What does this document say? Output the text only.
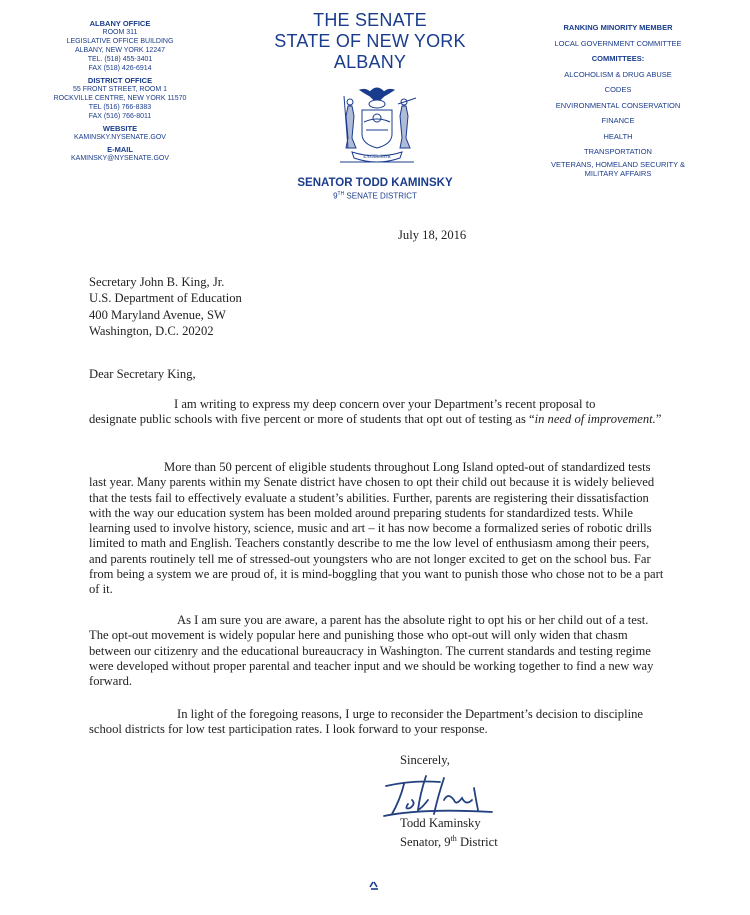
ALBANY OFFICE
ROOM 311
LEGISLATIVE OFFICE BUILDING
ALBANY, NEW YORK 12247
TEL. (518) 455-3401
FAX (518) 426-6914
DISTRICT OFFICE
55 FRONT STREET, ROOM 1
ROCKVILLE CENTRE, NEW YORK 11570
TEL (516) 766-8383
FAX (516) 766-8011
WEBSITE
KAMINSKY.NYSENATE.GOV
E-MAIL
KAMINSKY@NYSENATE.GOV
THE SENATE
STATE OF NEW YORK
ALBANY
EXCELSIOR
SENATOR TODD KAMINSKY
9TH SENATE DISTRICT
RANKING MINORITY MEMBER
LOCAL GOVERNMENT COMMITTEE
COMMITTEES:
ALCOHOLISM & DRUG ABUSE
CODES
ENVIRONMENTAL CONSERVATION
FINANCE
HEALTH
TRANSPORTATION
VETERANS, HOMELAND SECURITY &
MILITARY AFFAIRS
July 18, 2016
Secretary John B. King, Jr.
U.S. Department of Education
400 Maryland Avenue, SW
Washington, D.C. 20202
Dear Secretary King,
I am writing to express my deep concern over your Department’s recent proposal to
designate public schools with five percent or more of students that opt out of testing as “in need of improvement.”

More than 50 percent of eligible students throughout Long Island opted-out of standardized tests last year. Many parents within my Senate district have chosen to opt their child out because it is widely believed that the tests fail to effectively evaluate a student’s abilities. Further, parents are registering their dissatisfaction with the way our education system has been molded around preparing students for standardized tests. While learning used to involve history, science, music and art – it has now become a formalized series of robotic drills limited to math and English. Teachers constantly describe to me the low level of enthusiasm among their peers, and parents routinely tell me of stressed-out youngsters who are not longer excited to get on the school bus. Far from being a system we are proud of, it is mind-boggling that you want to punish those who chose not to be a part of it.

As I am sure you are aware, a parent has the absolute right to opt his or her child out of a test. The opt-out movement is widely popular here and punishing those who opt-out will only widen that chasm between our citizenry and the educational bureaucracy in Washington. The current standards and testing regime were developed without proper parental and teacher input and we should be working together to find a new way forward.

In light of the foregoing reasons, I urge to reconsider the Department’s decision to discipline school districts for low test participation rates. I look forward to your response.

Sincerely,
Todd Kaminsky
Senator, 9th District
